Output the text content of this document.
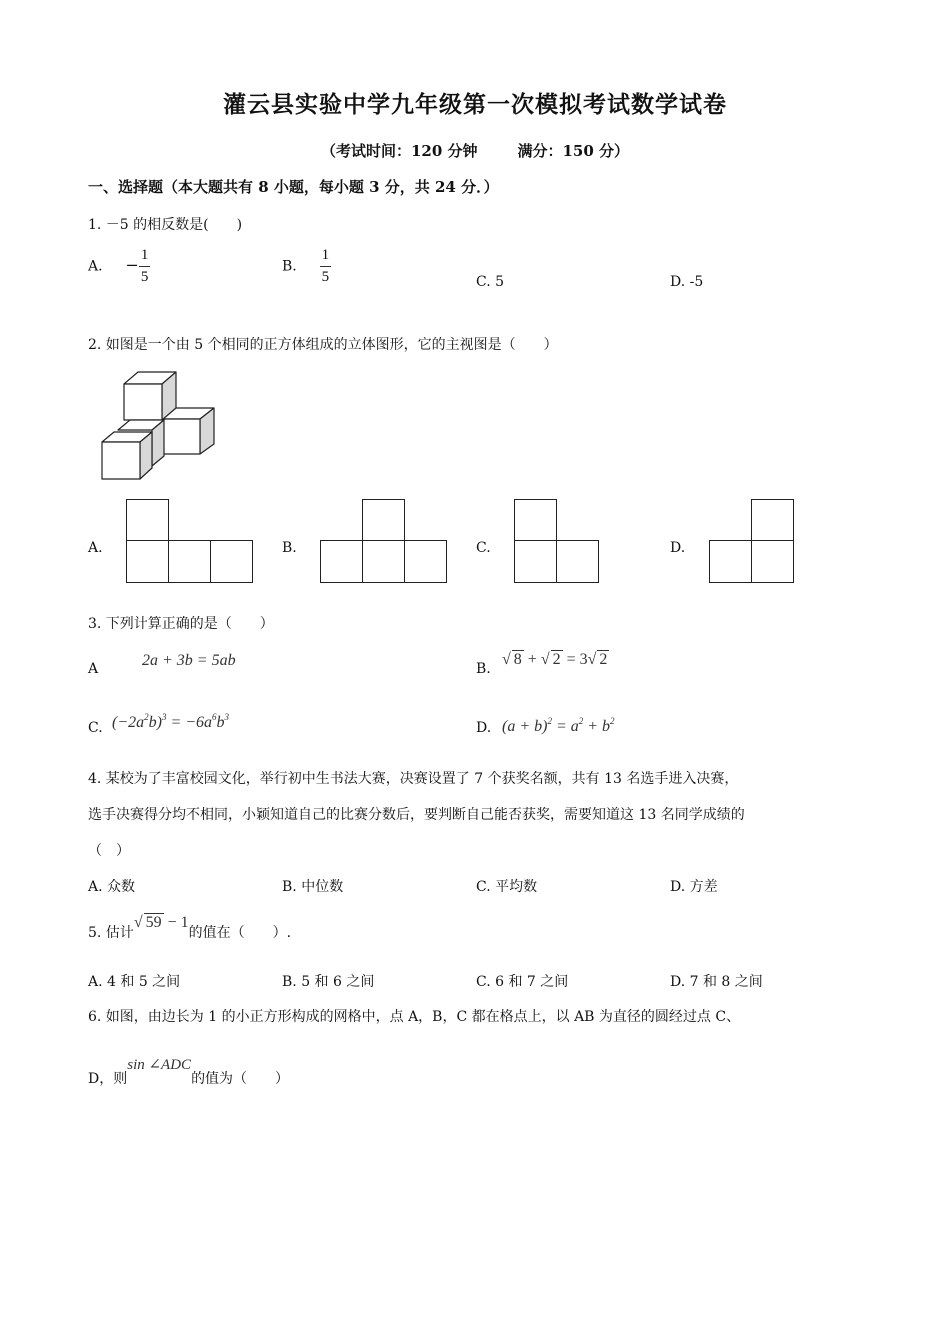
灌云县实验中学九年级第一次模拟考试数学试卷
（考试时间：120 分钟	满分：150 分）
一、选择题（本大题共有 8 小题，每小题 3 分，共 24 分．）
1. －5 的相反数是(　　)
A. − $\frac{1}{5}$	B. $\frac{1}{5}$	C. 5	D. -5
2. 如图是一个由 5 个相同的正方体组成的立体图形，它的主视图是（　　）
A.	B.	C.	D.
3. 下列计算正确的是（　　）
A	2a + 3b = 5ab	B.
√ 8 + √ 2 = 3√ 2
C. $(-2a^2b)^3 = -6a^6b^3$
D. $(a + b)^2 = a^2 + b^2$
4. 某校为了丰富校园文化，举行初中生书法大赛，决赛设置了 7 个获奖名额，共有 13 名选手进入决赛，
选手决赛得分均不相同，小颖知道自己的比赛分数后，要判断自己能否获奖，需要知道这 13 名同学成绩的
（　）
A. 众数	B. 中位数	C. 平均数	D. 方差
5. 估计√ 59 − 1的值在（　　）.
A. 4 和 5 之间	B. 5 和 6 之间	C. 6 和 7 之间	D. 7 和 8 之间
6. 如图，由边长为 1 的小正方形构成的网格中，点 A，B，C 都在格点上，以 AB 为直径的圆经过点 C、
D，则sin ∠ADC的值为（　　）
